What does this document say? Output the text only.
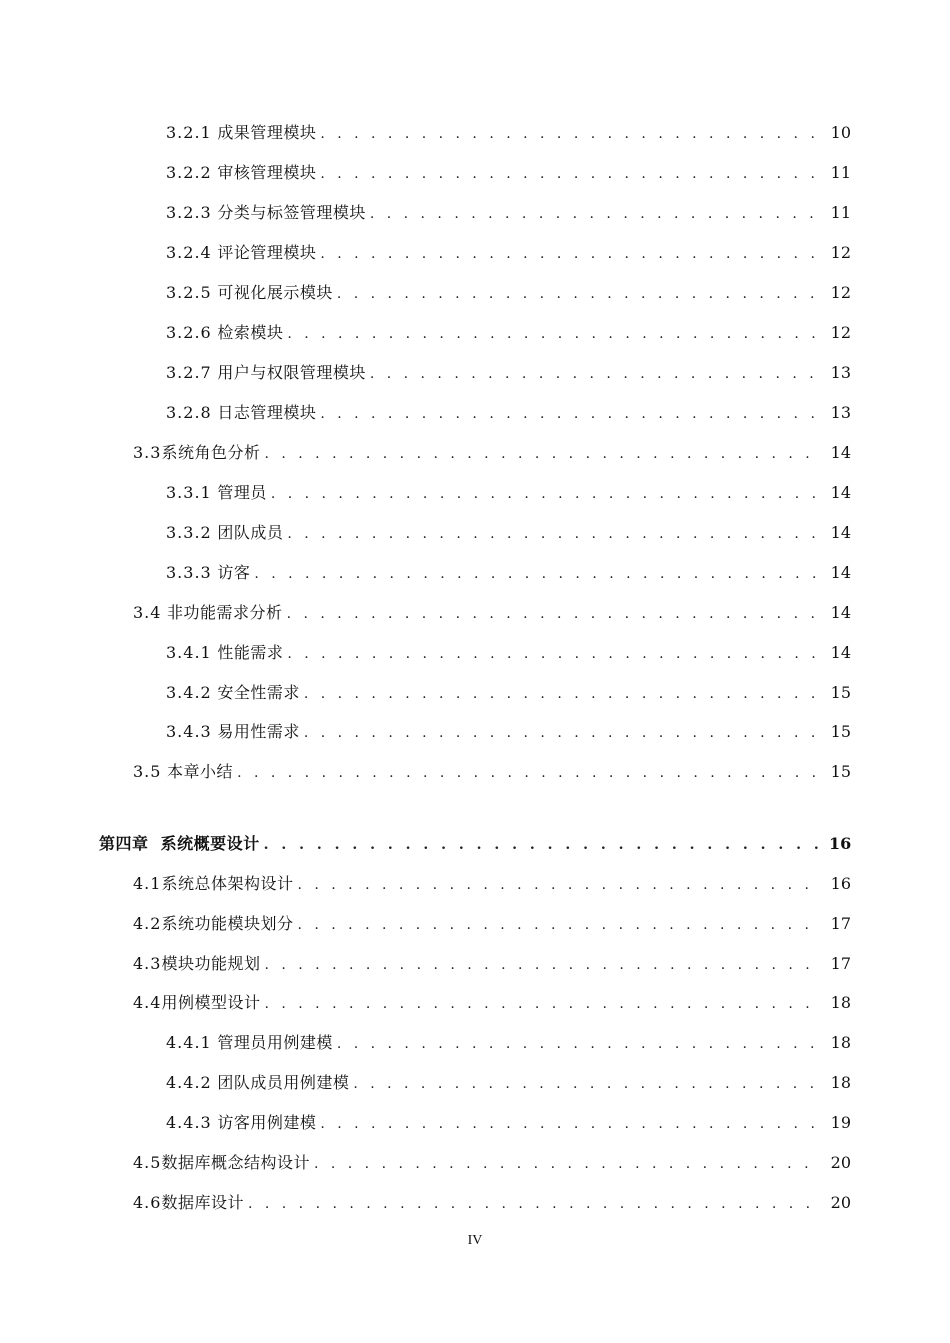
3.2.1 成果管理模块 . . .	10
3.2.2 审核管理模块 . . .	11
3.2.3 分类与标签管理模块 . . .	11
3.2.4 评论管理模块 . . .	12
3.2.5 可视化展示模块 . . .	12
3.2.6 检索模块 . . .	12
3.2.7 用户与权限管理模块 . . .	13
3.2.8 日志管理模块 . . .	13
3.3系统角色分析 . . .	14
3.3.1 管理员 . . .	14
3.3.2 团队成员 . . .	14
3.3.3 访客 . . .	14
3.4 非功能需求分析 . . .	14
3.4.1 性能需求 . . .	14
3.4.2 安全性需求 . . .	15
3.4.3 易用性需求 . . .	15
3.5 本章小结 . . .	15
第四章 系统概要设计 . . .	16
4.1系统总体架构设计 . . .	16
4.2系统功能模块划分 . . .	17
4.3模块功能规划 . . .	17
4.4用例模型设计 . . .	18
4.4.1 管理员用例建模 . . .	18
4.4.2 团队成员用例建模 . . .	18
4.4.3 访客用例建模 . . .	19
4.5数据库概念结构设计 . . .	20
4.6数据库设计 . . .	20
IV
